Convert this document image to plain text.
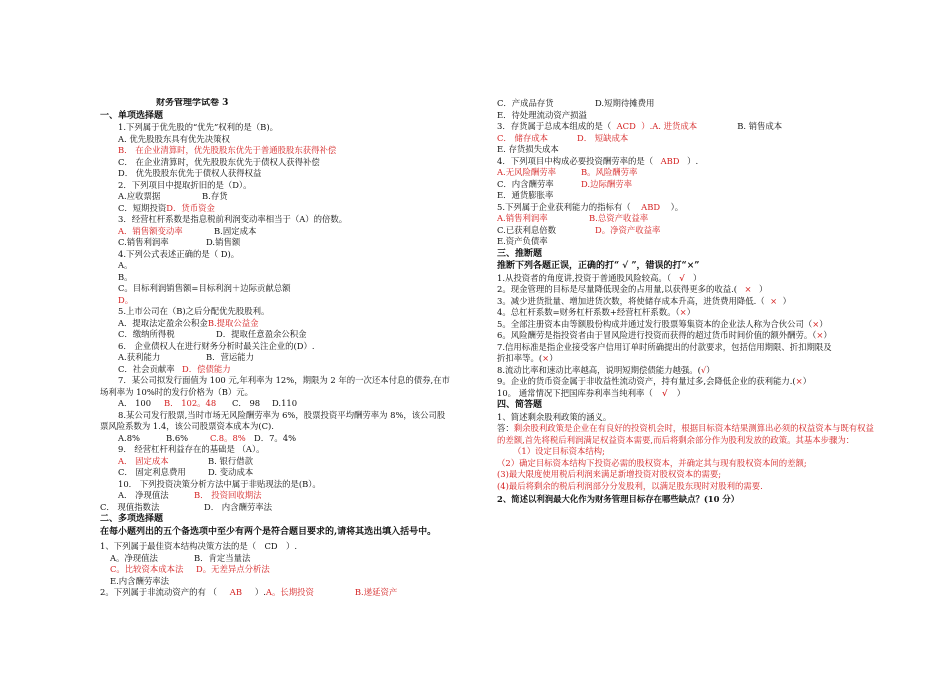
财务管理学试卷 3
一、单项选择题
1.下列属于优先股的“优先”权利的是（B)。
A. 优先股股东具有优先决策权
B． 在企业清算时，优先股股东优先于普通股股东获得补偿
C． 在企业清算时，优先股股东优先于债权人获得补偿
D． 优先股股东优先于债权人获得权益
2．下列项目中提取折旧的是（D）。
A.应收票据	B.存货
C．短期投资D．货币资金
3．经营杠杆系数是指息税前利润变动率相当于（A）的倍数。
A．销售额变动率	B.固定成本
C.销售利润率	D.销售额
4.下列公式表述正确的是（ D)。
A。
B。
C。目标利润销售额=目标利润＋边际贡献总额
D。
5.上市公司在（B)之后分配优先股股利。
A．提取法定盈余公积金B.提取公益金
C．缴纳所得税	D．提取任意盈余公积金
6． 企业债权人在进行财务分析时最关注企业的(D）.
A.获利能力	B．营运能力
C．社会贡献率 D．偿债能力
7．某公司拟发行面值为 100 元,年利率为 12%，期限为 2 年的一次还本付息的债券,在市
场利率为 10%时的发行价格为（B）元。
A． 100 B． 102。48 C． 98 D.110
8.某公司发行股票,当时市场无风险酬劳率为 6%，股票投资平均酬劳率为 8%，该公司股
票风险系数为 1.4，该公司股票资本成本为(C).
A.8%	B.6%	C.8。8% D．7。4%
9． 经营杠杆利益存在的基础是 （A）。
A． 固定成本	B. 银行借款
C． 固定利息费用	D. 变动成本
10． 下列投资决策分析方法中属于非贴现法的是(B）。
A． 净现值法	B． 投资回收期法
C． 现值指数法	D． 内含酬劳率法
二、多项选择题
在每小题列出的五个备选项中至少有两个是符合题目要求的,请将其选出填入括号中。
1、下列属于最佳资本结构决策方法的是（　CD　）.
A。净现值法	B．肯定当量法
C。比较资本成本法 D。无差异点分析法
E.内含酬劳率法
2。下列属于非流动资产的有 （ AB ）.A。长期投资	B.递延资产
C．产成品存货	D.短期待摊费用
E．待处理流动资产损溢
3．存货属于总成本组成的是（ ACD ）.A. 进货成本	B. 销售成本
C． 储存成本	D． 短缺成本
E. 存货损失成本
4．下列项目中构成必要投资酬劳率的是（ ABD ）.
A.无风险酬劳率	B。风险酬劳率
C．内含酬劳率	D.边际酬劳率
E．通货膨胀率
5.下列属于企业获利能力的指标有（ ABD ）。
A.销售利润率	B.总资产收益率
C.已获利息倍数	D。净资产收益率
E.资产负债率
三、推断题
推断下列各题正误，正确的打“ √ ”，错误的打“×”
1.从投资者的角度讲,投资于普通股风险较高。（ √ ）
2。现金管理的目标是尽量降低现金的占用量,以获得更多的收益.( × ）
3。减少进货批量、增加进货次数，将使储存成本升高，进货费用降低.（ × ）
4。总杠杆系数=财务杠杆系数+经营杠杆系数。（×）
5。全部注册资本由等额股份构成并通过发行股票筹集资本的企业法人称为合伙公司（×）
6。风险酬劳是指投资者由于冒风险进行投资而获得的超过货币时间价值的额外酬劳。（×）
7.信用标准是指企业接受客户信用订单时所确提出的付款要求，包括信用期限、折扣期限及
折扣率等。(×）
8.流动比率和速动比率越高，说明短期偿债能力越强。(√）
9。企业的货币资金属于非收益性流动资产，持有量过多,会降低企业的获利能力.(×）
10。 通常情况下把国库券利率当纯利率（ √ ）
四、简答题
1、简述剩余股利政策的涵义。
答：剩余股利政策是企业在有良好的投资机会时，根据目标资本结果测算出必须的权益资本与既有权益的差额,首先将税后利润满足权益资本需要,而后将剩余部分作为股利发放的政策。其基本步骤为：
（1）设定目标资本结构;
（2）确定目标资本结构下投资必需的股权资本，并确定其与现有股权资本间的差额;
(3)最大限度使用税后利润来满足新增投资对股权资本的需要;
(4)最后将剩余的税后利润部分分发股利，以满足股东现时对股利的需要.
2、简述以利润最大化作为财务管理目标存在哪些缺点？(10 分）
